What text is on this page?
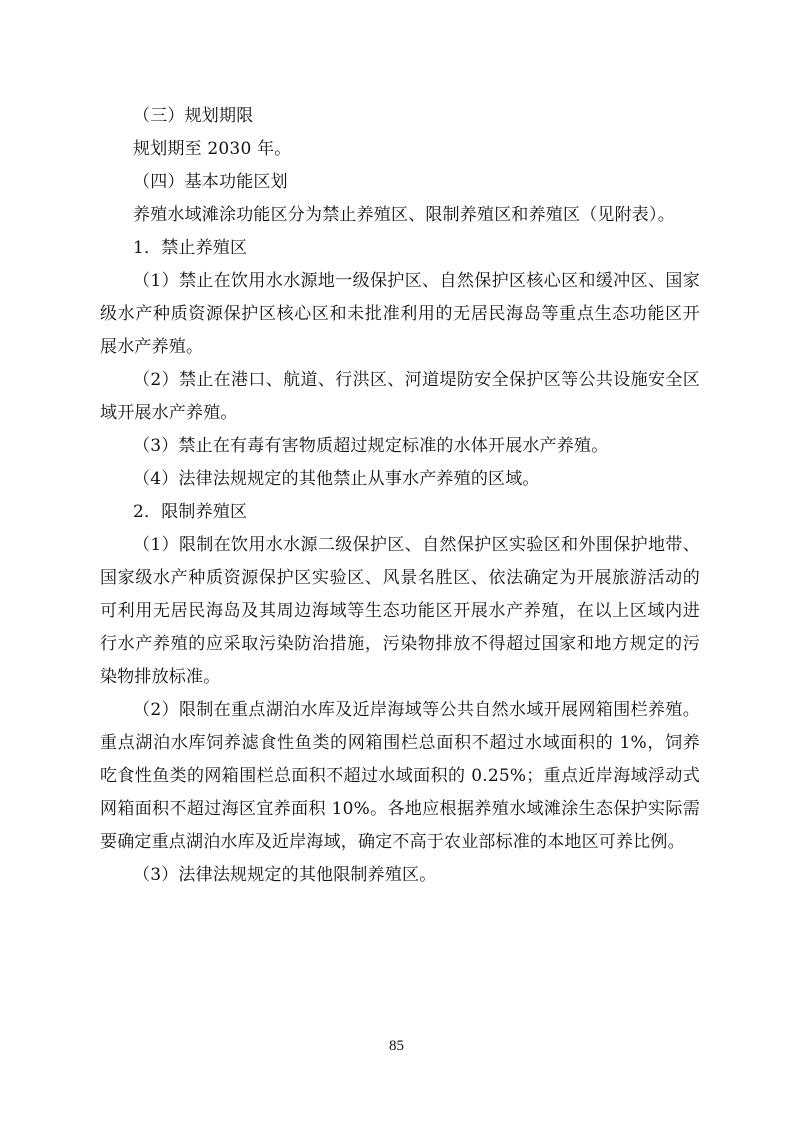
（三）规划期限

规划期至 2030 年。

（四）基本功能区划

养殖水域滩涂功能区分为禁止养殖区、限制养殖区和养殖区（见附表）。

1．禁止养殖区

（1）禁止在饮用水水源地一级保护区、自然保护区核心区和缓冲区、国家级水产种质资源保护区核心区和未批准利用的无居民海岛等重点生态功能区开展水产养殖。

（2）禁止在港口、航道、行洪区、河道堤防安全保护区等公共设施安全区域开展水产养殖。

（3）禁止在有毒有害物质超过规定标准的水体开展水产养殖。

（4）法律法规规定的其他禁止从事水产养殖的区域。

2．限制养殖区

（1）限制在饮用水水源二级保护区、自然保护区实验区和外围保护地带、国家级水产种质资源保护区实验区、风景名胜区、依法确定为开展旅游活动的可利用无居民海岛及其周边海域等生态功能区开展水产养殖，在以上区域内进行水产养殖的应采取污染防治措施，污染物排放不得超过国家和地方规定的污染物排放标准。

（2）限制在重点湖泊水库及近岸海域等公共自然水域开展网箱围栏养殖。重点湖泊水库饲养滤食性鱼类的网箱围栏总面积不超过水域面积的 1%，饲养吃食性鱼类的网箱围栏总面积不超过水域面积的 0.25%；重点近岸海域浮动式网箱面积不超过海区宜养面积 10%。各地应根据养殖水域滩涂生态保护实际需要确定重点湖泊水库及近岸海域，确定不高于农业部标准的本地区可养比例。

（3）法律法规规定的其他限制养殖区。

85
